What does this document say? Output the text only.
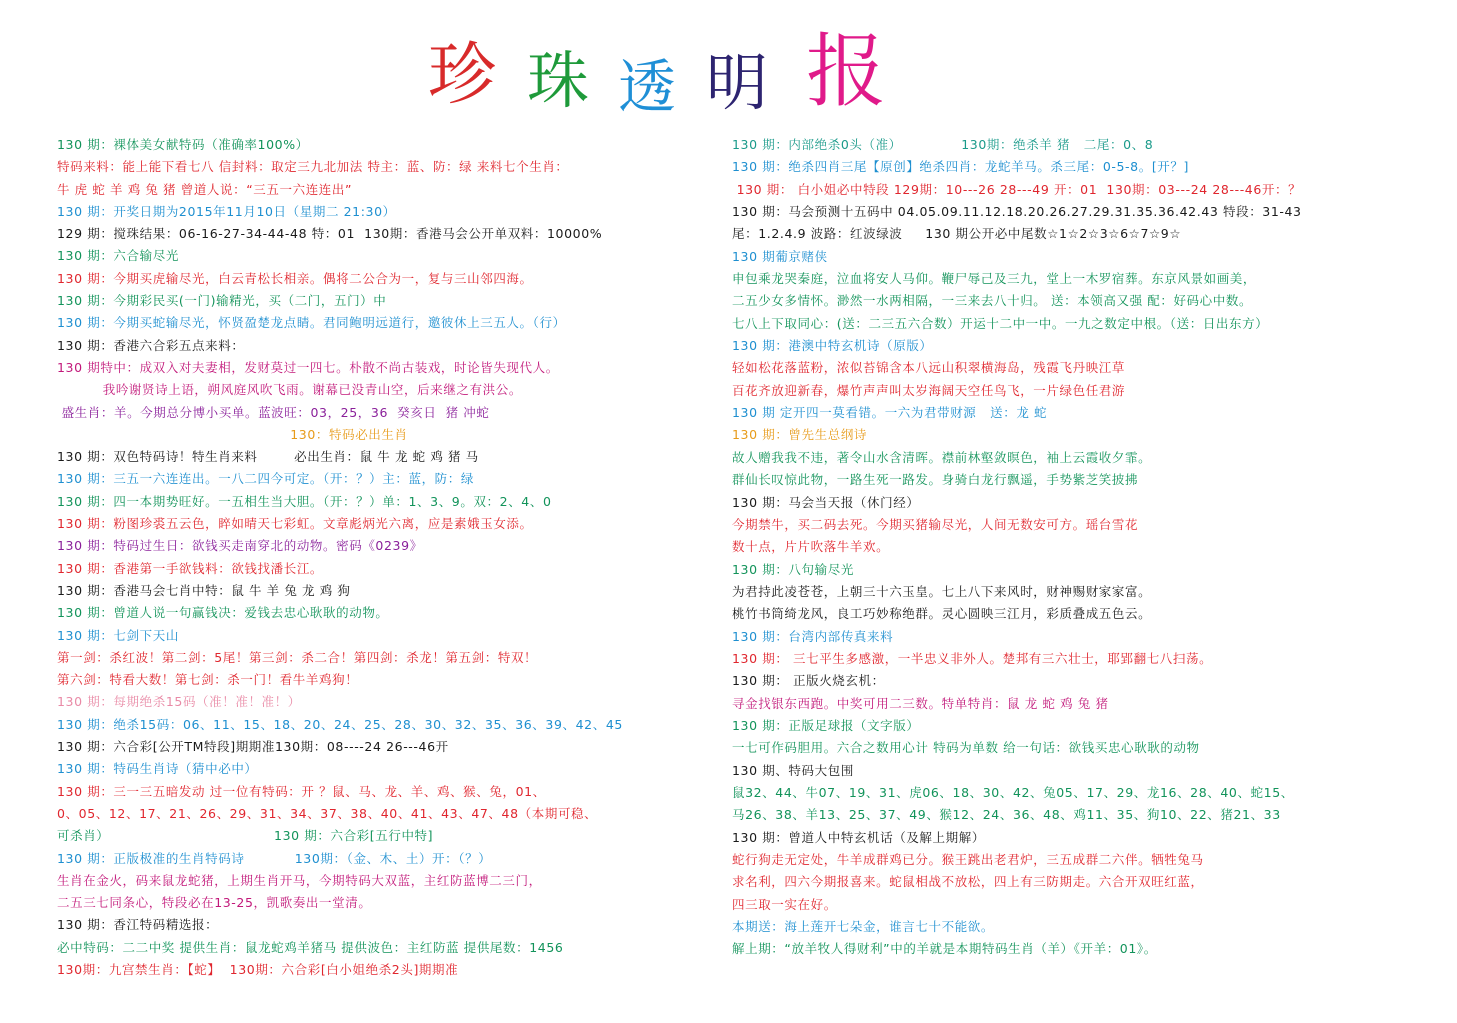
珍 珠 透 明 报
130 期：裸体美女献特码（准确率100%）
特码来料：能上能下看七八 信封料：取定三九北加法 特主：蓝、防：绿 来料七个生肖：
牛 虎 蛇 羊 鸡 兔 猪 曾道人说：“三五一六连连出”
130 期：开奖日期为2015年11月10日（星期二 21:30）
129 期：搅珠结果：06-16-27-34-44-48 特：01  130期：香港马会公开单双料：10000%
130 期：六合输尽光
130 期：今期买虎输尽光，白云青松长相亲。偶将二公合为一，复与三山邻四海。
130 期：今期彩民买(一门)输精光，买（二门，五门）中
130 期：今期买蛇输尽光，怀贤盈楚龙点睛。君同鲍明远道行，邀彼休上三五人。（行）
130 期：香港六合彩五点来料：
130 期特中：成双入对夫妻相，发财莫过一四七。朴散不尚古装戏，时论皆失现代人。
我吟谢贤诗上语，朔风庭风吹飞雨。谢幕已没青山空，后来继之有洪公。
盛生肖：羊。今期总分博小买单。蓝波旺：03，25，36  癸亥日  猪 冲蛇
130：特码必出生肖
130 期：双色特码诗！特生肖来料        必出生肖：鼠 牛 龙 蛇 鸡 猪 马
130 期：三五一六连连出。一八二四今可定。（开：？）主：蓝，防：绿
130 期：四一本期势旺好。一五相生当大胆。（开：？）单：1、3、9。双：2、4、0
130 期：粉图珍裘五云色，睟如晴天七彩虹。文章彪炳光六离，应是素娥玉女添。
130 期：特码过生日：欲钱买走南穿北的动物。密码《0239》
130 期：香港第一手欲钱料：欲钱找潘长江。
130 期：香港马会七肖中特：鼠 牛 羊 兔 龙 鸡 狗
130 期：曾道人说一句赢钱决：爱钱去忠心耿耿的动物。
130 期：七剑下天山
第一剑：杀红波！第二剑：5尾！第三剑：杀二合！第四剑：杀龙！第五剑：特双！
第六剑：特看大数！第七剑：杀一门！看牛羊鸡狗！
130 期：每期绝杀15码（准！准！准！）
130 期：绝杀15码：06、11、15、18、20、24、25、28、30、32、35、36、39、42、45
130 期：六合彩[公开TM特段]期期准130期：08----24 26---46开
130 期：特码生肖诗（猜中必中）
130 期：三一三五暗发动 过一位有特码：开 ？鼠、马、龙、羊、鸡、猴、兔，01、
0、05、12、17、21、26、29、31、34、37、38、40、41、43、47、48（本期可稳、
可杀肖）                                    130 期：六合彩[五行中特]
130 期：正版极准的生肖特码诗           130期：（金、木、土）开：（？）
生肖在金火，码来鼠龙蛇猪，上期生肖开马，今期特码大双蓝，主红防蓝博二三门，
二五三七同条心，特段必在13-25，凯歌奏出一堂清。
130 期：香江特码精选报：
必中特码：二二中奖 提供生肖：鼠龙蛇鸡羊猪马 提供波色：主红防蓝 提供尾数：1456
130期：九宫禁生肖：【蛇】  130期：六合彩[白小姐绝杀2头]期期准
130 期：内部绝杀0头（准）             130期：绝杀羊 猪   二尾：0、8
130 期：绝杀四肖三尾【原创】绝杀四肖：龙蛇羊马。杀三尾：0-5-8。[开？]
130 期： 白小姐必中特段 129期：10---26 28---49 开：01  130期：03---24 28---46开：？
130 期：马会预测十五码中 04.05.09.11.12.18.20.26.27.29.31.35.36.42.43 特段：31-43
尾：1.2.4.9 波路：红波绿波     130 期公开必中尾数☆1☆2☆3☆6☆7☆9☆
130 期葡京赌侠
申包乘龙哭秦庭，泣血将安人马仰。鞭尸辱己及三九，堂上一木罗宿葬。东京风景如画美，
二五少女多情怀。渺然一水两相隔，一三来去八十归。 送：本领高又强 配：好码心中数。
七八上下取同心：(送：二三五六合数）开运十二中一中。一九之数定中根。（送：日出东方）
130 期：港澳中特玄机诗（原版）
轻如松花落蓝粉，浓似苔锦含本八远山积翠横海岛，残霞飞丹映江草
百花齐放迎新春，爆竹声声叫太岁海阔天空任鸟飞，一片绿色任君游
130 期 定开四一莫看错。一六为君带财源   送：龙 蛇
130 期：曾先生总纲诗
故人赠我我不违，著令山水含清晖。襟前林壑敛暝色，袖上云霞收夕霏。
群仙长叹惊此物，一路生死一路发。身骑白龙行飘遥，手势紫芝笑披拂
130 期：马会当天报（休门经）
今期禁牛，买二码去死。今期买猪输尽光，人间无数安可方。瑶台雪花
数十点，片片吹落牛羊欢。
130 期：八句输尽光
为君持此凌苍苍，上朝三十六玉皇。七上八下来风时，财神赐财家家富。
桃竹书筒绮龙风，良工巧妙称绝群。灵心圆映三江月，彩质叠成五色云。
130 期：台湾内部传真来料
130 期： 三七平生多感激，一半忠义非外人。楚邦有三六壮士，耶郢翻七八扫荡。
130 期： 正版火烧玄机：
寻金找银东西跑。中奖可用二三数。特单特肖：鼠 龙 蛇 鸡 兔 猪
130 期：正版足球报（文字版）
一七可作码胆用。六合之数用心计 特码为单数 给一句话：欲钱买忠心耿耿的动物
130 期、特码大包围
鼠32、44、牛07、19、31、虎06、18、30、42、兔05、17、29、龙16、28、40、蛇15、
马26、38、羊13、25、37、49、猴12、24、36、48、鸡11、35、狗10、22、猪21、33
130 期：曾道人中特玄机话（及解上期解）
蛇行狗走无定处，牛羊成群鸡已分。猴王跳出老君炉，三五成群二六伴。牺牲兔马
求名利，四六今期报喜来。蛇鼠相战不放松，四上有三防期走。六合开双旺红蓝，
四三取一实在好。
本期送：海上莲开七朵金，谁言七十不能欲。
解上期：“放羊牧人得财利”中的羊就是本期特码生肖（羊）《开羊：01》。
